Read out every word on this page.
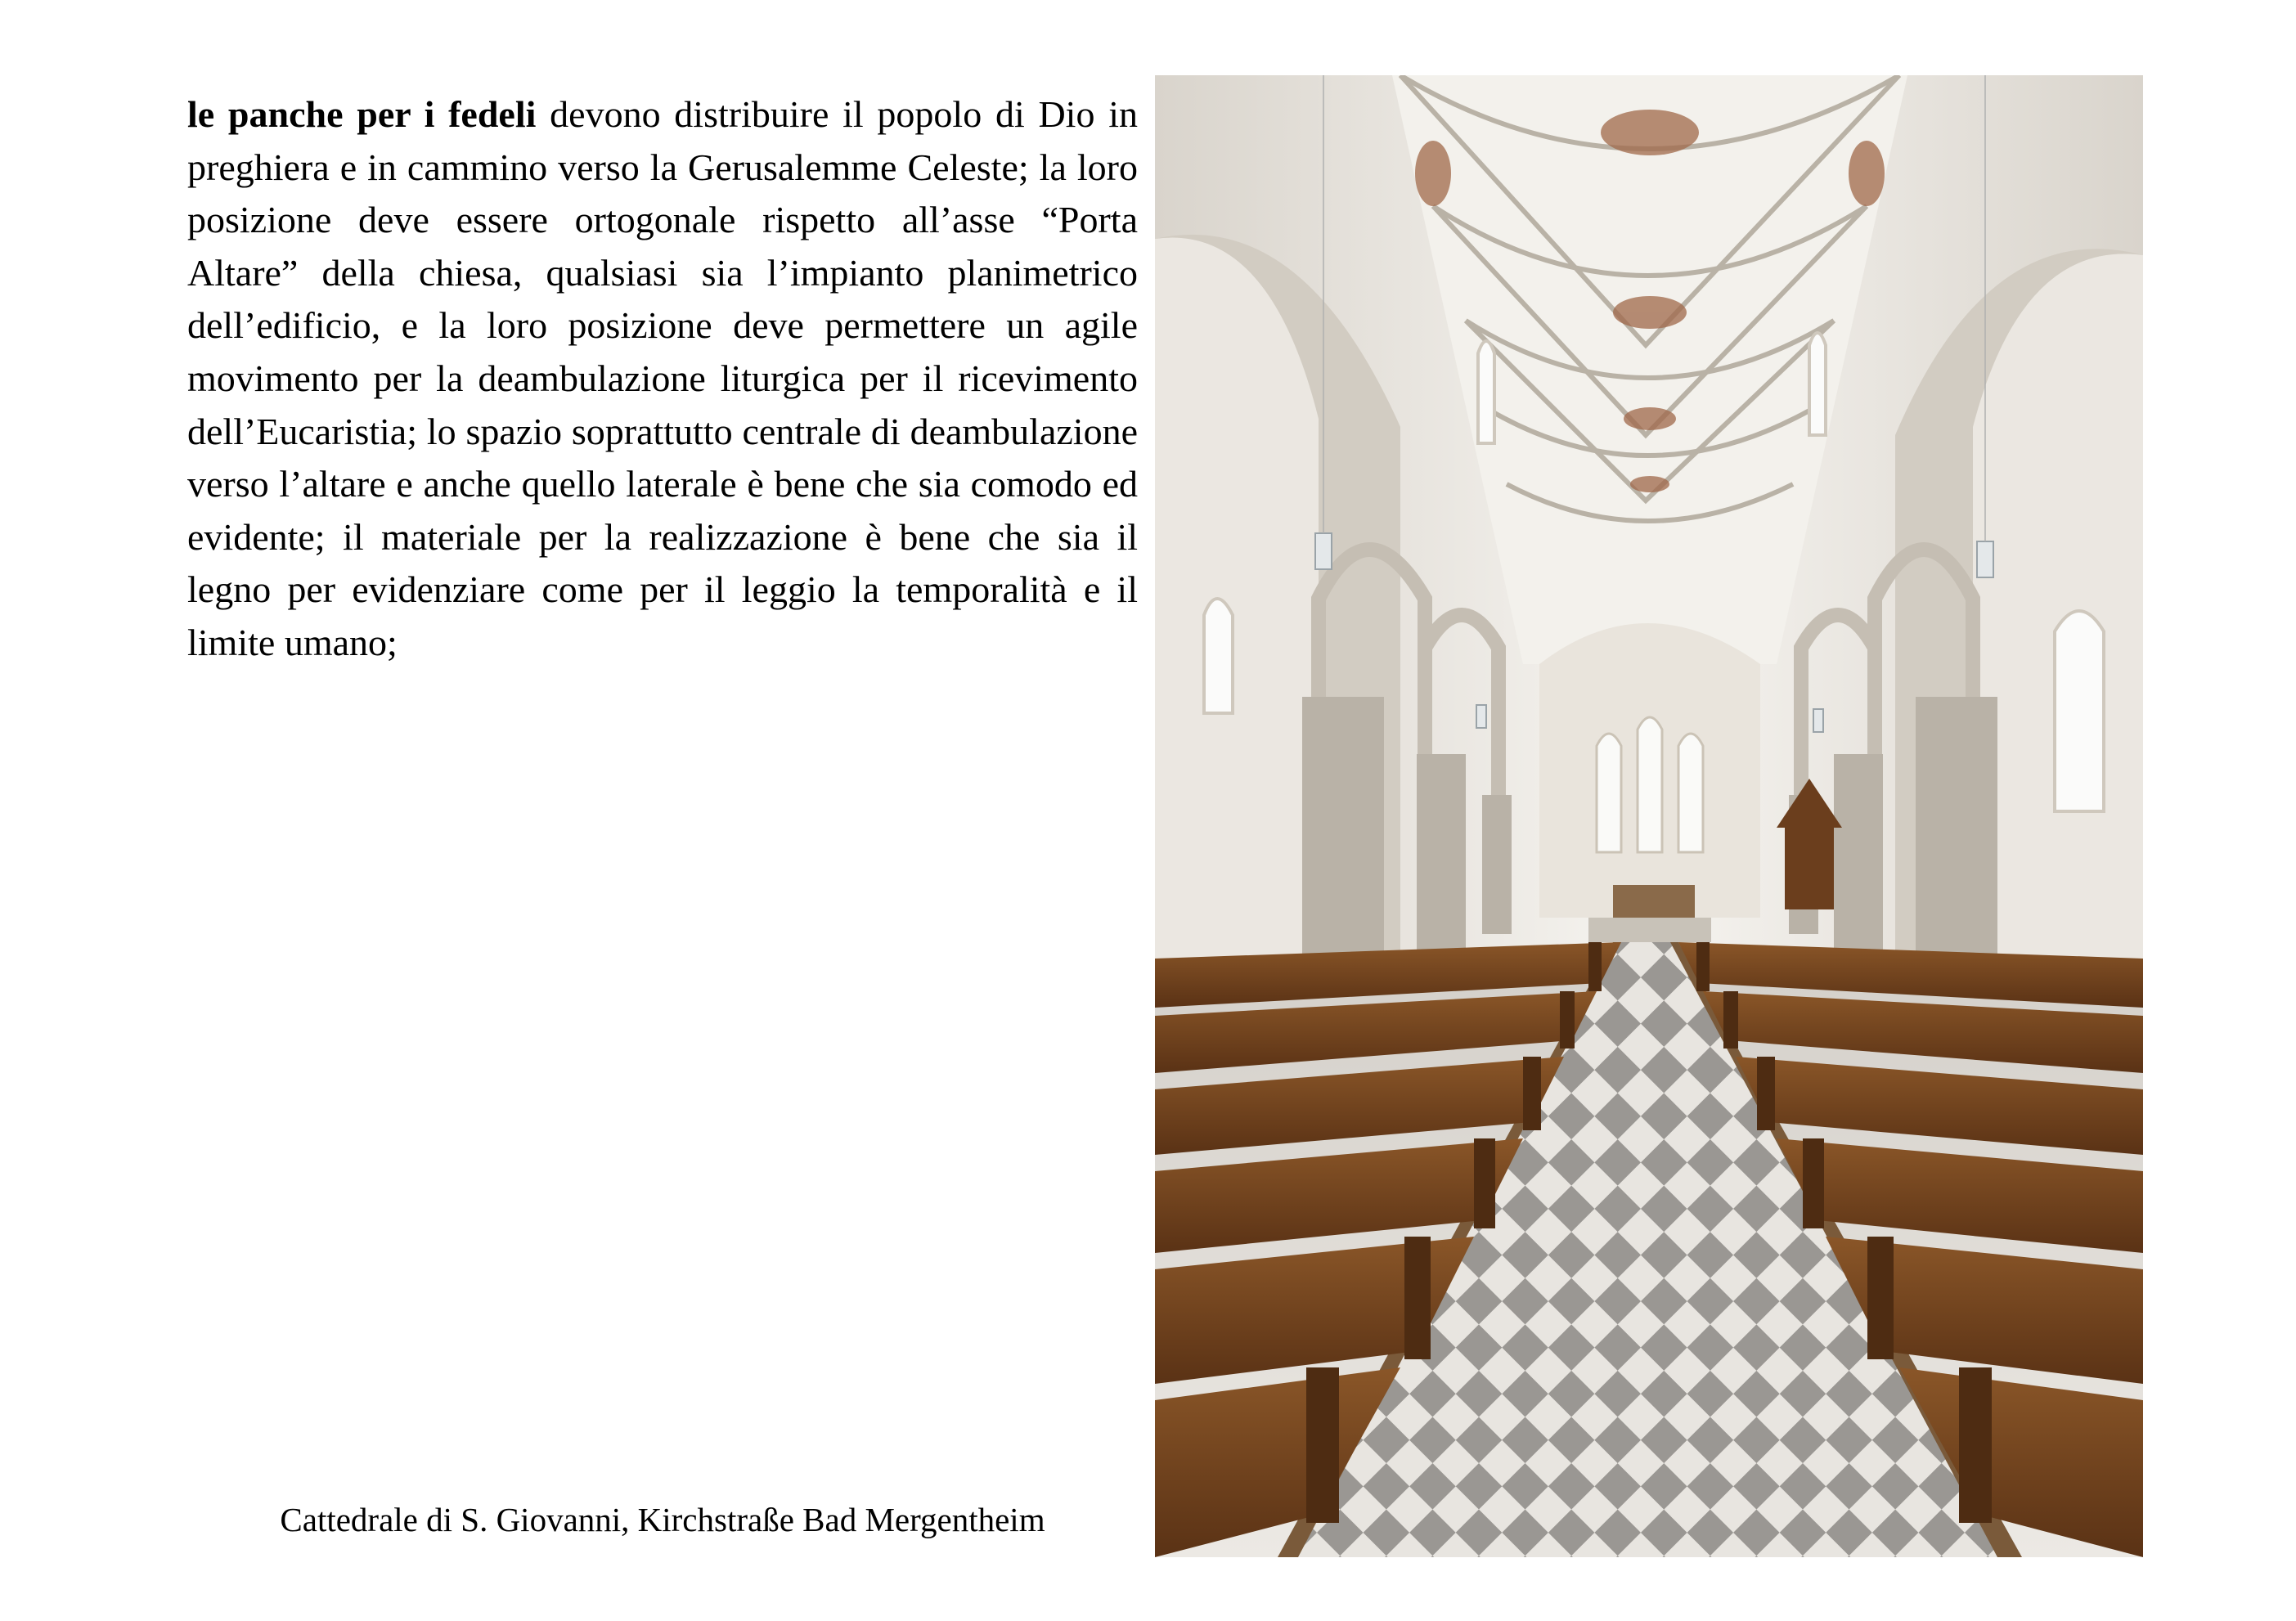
le panche per i fedeli devono distribuire il popolo di Dio in preghiera e in cammino verso la Gerusalemme Celeste; la loro posizione deve essere ortogonale rispetto all’asse “Porta Altare” della chiesa, qualsiasi sia l’impianto planimetrico dell’edificio, e la loro posizione deve permettere un agile movimento per la deambulazione liturgica per il ricevimento dell’Eucaristia; lo spazio soprattutto centrale di deambulazione verso l’altare e anche quello laterale è bene che sia comodo ed evidente; il materiale per la realizzazione è bene che sia il legno per evidenziare come per il leggio la temporalità e il limite umano;

Cattedrale di S. Giovanni, Kirchstraße Bad Mergentheim
